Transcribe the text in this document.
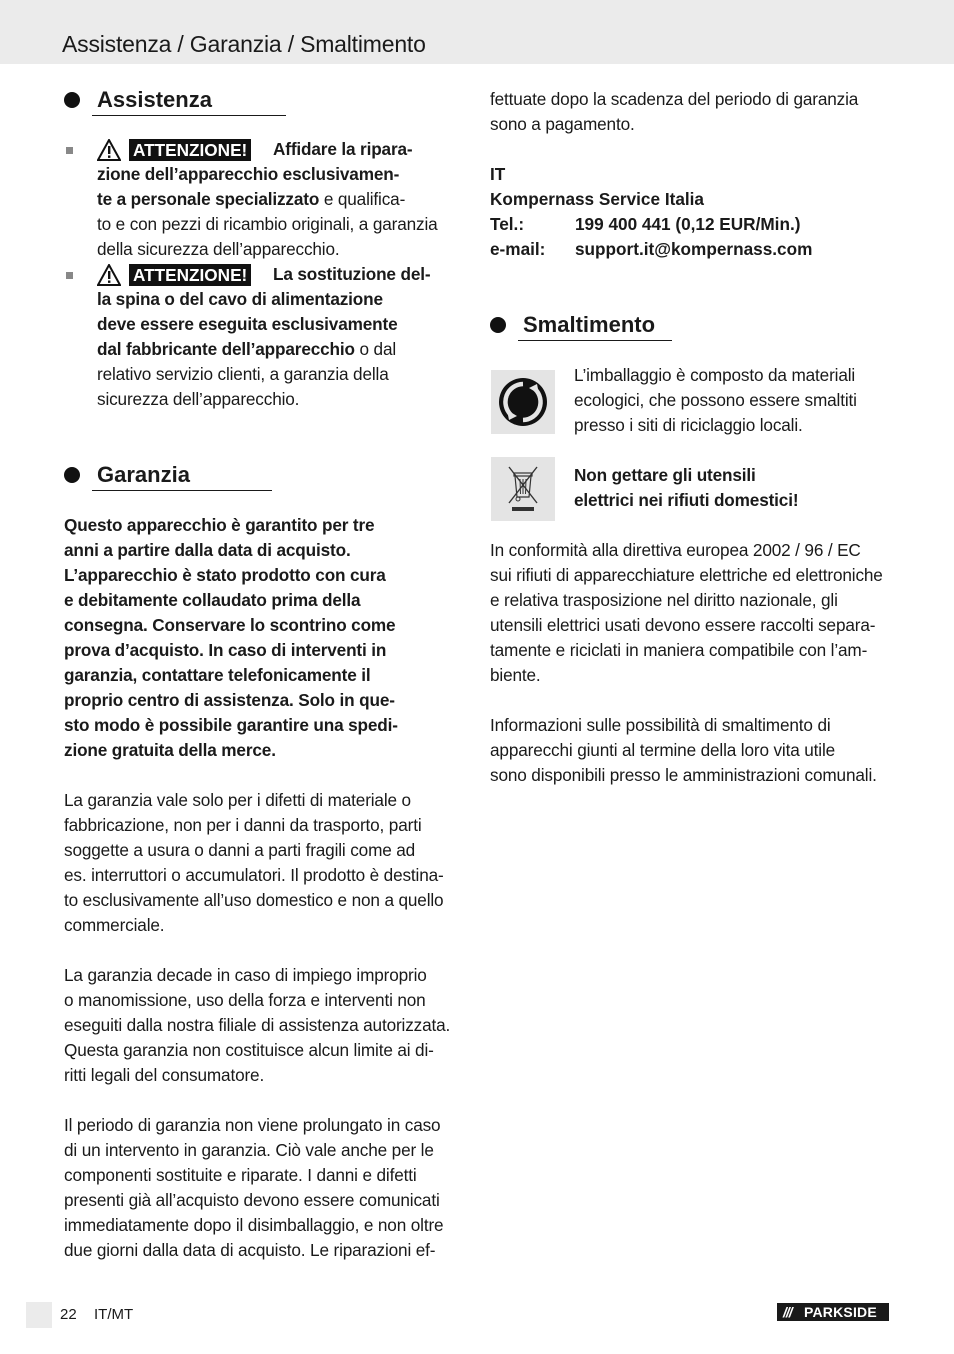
Assistenza / Garanzia / Smaltimento
Assistenza
ATTENZIONE!	Affidare la ripara-
zione dell’apparecchio esclusivamen-
te a personale specializzato e qualifica-
to e con pezzi di ricambio originali, a garanzia
della sicurezza dell’apparecchio.
ATTENZIONE!	La sostituzione del-
la spina o del cavo di alimentazione
deve essere eseguita esclusivamente
dal fabbricante dell’apparecchio o dal
relativo servizio clienti, a garanzia della
sicurezza dell’apparecchio.
Garanzia
Questo apparecchio è garantito per tre
anni a partire dalla data di acquisto.
L’apparecchio è stato prodotto con cura
e debitamente collaudato prima della
consegna. Conservare lo scontrino come
prova d’acquisto. In caso di interventi in
garanzia, contattare telefonicamente il
proprio centro di assistenza. Solo in que-
sto modo è possibile garantire una spedi-
zione gratuita della merce.
La garanzia vale solo per i difetti di materiale o
fabbricazione, non per i danni da trasporto, parti
soggette a usura o danni a parti fragili come ad
es. interruttori o accumulatori. Il prodotto è destina-
to esclusivamente all’uso domestico e non a quello
commerciale.
La garanzia decade in caso di impiego improprio
o manomissione, uso della forza e interventi non
eseguiti dalla nostra filiale di assistenza autorizzata.
Questa garanzia non costituisce alcun limite ai di-
ritti legali del consumatore.
Il periodo di garanzia non viene prolungato in caso
di un intervento in garanzia. Ciò vale anche per le
componenti sostituite e riparate. I danni e difetti
presenti già all’acquisto devono essere comunicati
immediatamente dopo il disimballaggio, e non oltre
due giorni dalla data di acquisto. Le riparazioni ef-
fettuate dopo la scadenza del periodo di garanzia
sono a pagamento.
IT
Kompernass Service Italia
Tel.:	199 400 441 (0,12 EUR/Min.)
e-mail: support.it@kompernass.com
Smaltimento
L’imballaggio è composto da materiali
ecologici, che possono essere smaltiti
presso i siti di riciclaggio locali.
Non gettare gli utensili
elettrici nei rifiuti domestici!
In conformità alla direttiva europea 2002 / 96 / EC
sui rifiuti di apparecchiature elettriche ed elettroniche
e relativa trasposizione nel diritto nazionale, gli
utensili elettrici usati devono essere raccolti separa-
tamente e riciclati in maniera compatibile con l’am-
biente.
Informazioni sulle possibilità di smaltimento di
apparecchi giunti al termine della loro vita utile
sono disponibili presso le amministrazioni comunali.
22 IT/MT	/// PARKSIDE
